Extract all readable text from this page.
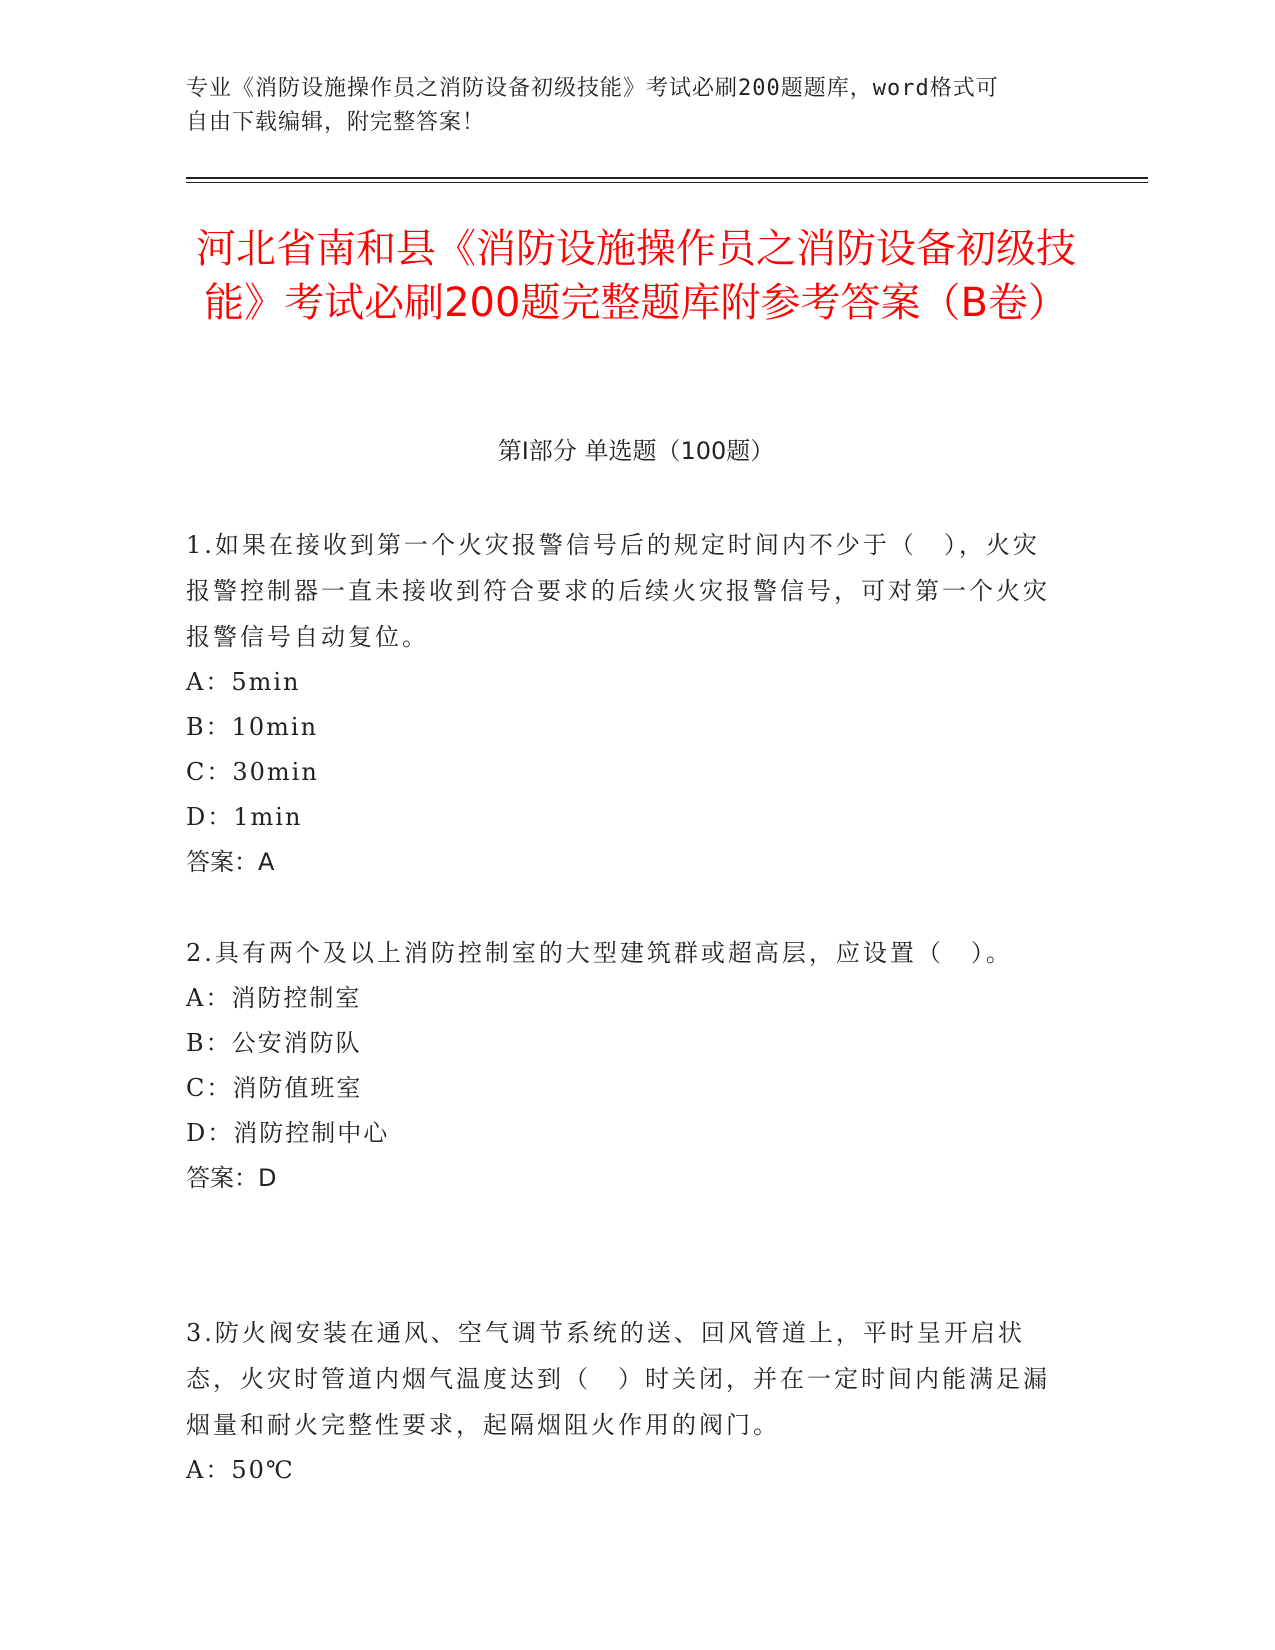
专业《消防设施操作员之消防设备初级技能》考试必刷200题题库，word格式可
自由下载编辑，附完整答案！
河北省南和县《消防设施操作员之消防设备初级技能》考试必刷200题完整题库附参考答案（B卷）
第Ⅰ部分 单选题（100题）
1.如果在接收到第一个火灾报警信号后的规定时间内不少于（　），火灾报警控制器一直未接收到符合要求的后续火灾报警信号，可对第一个火灾报警信号自动复位。
A：5min
B：10min
C：30min
D：1min
答案：A
2.具有两个及以上消防控制室的大型建筑群或超高层，应设置（　）。
A：消防控制室
B：公安消防队
C：消防值班室
D：消防控制中心
答案：D
3.防火阀安装在通风、空气调节系统的送、回风管道上，平时呈开启状态，火灾时管道内烟气温度达到（　）时关闭，并在一定时间内能满足漏烟量和耐火完整性要求，起隔烟阻火作用的阀门。
A：50℃
